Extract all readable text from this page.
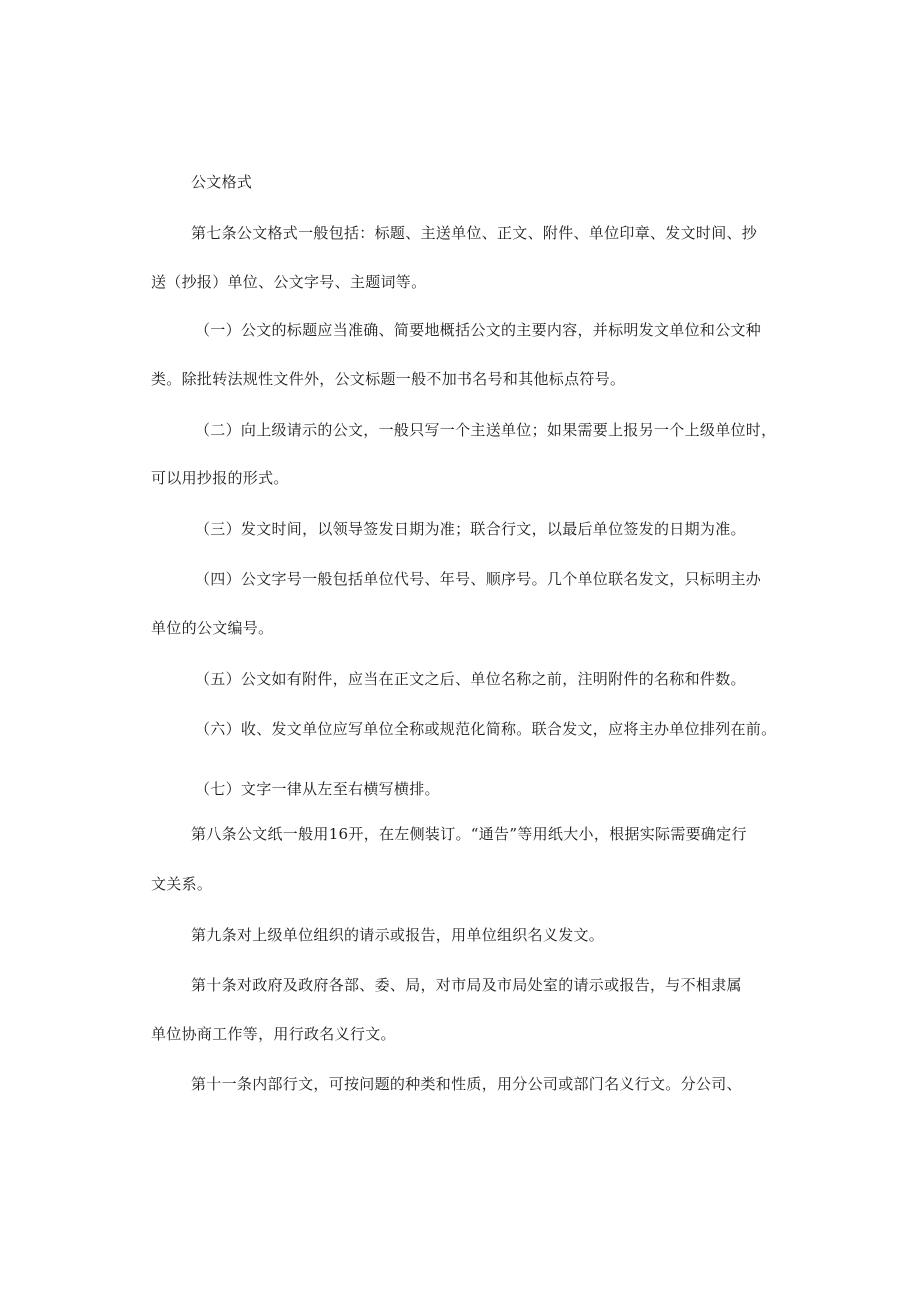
公文格式
第七条公文格式一般包括：标题、主送单位、正文、附件、单位印章、发文时间、抄
送（抄报）单位、公文字号、主题词等。
（一）公文的标题应当准确、简要地概括公文的主要内容，并标明发文单位和公文种
类。除批转法规性文件外，公文标题一般不加书名号和其他标点符号。
（二）向上级请示的公文，一般只写一个主送单位；如果需要上报另一个上级单位时，
可以用抄报的形式。
（三）发文时间，以领导签发日期为准；联合行文，以最后单位签发的日期为准。
（四）公文字号一般包括单位代号、年号、顺序号。几个单位联名发文，只标明主办
单位的公文编号。
（五）公文如有附件，应当在正文之后、单位名称之前，注明附件的名称和件数。
（六）收、发文单位应写单位全称或规范化简称。联合发文，应将主办单位排列在前。
（七）文字一律从左至右横写横排。
第八条公文纸一般用16开，在左侧装订。“通告”等用纸大小，根据实际需要确定行
文关系。
第九条对上级单位组织的请示或报告，用单位组织名义发文。
第十条对政府及政府各部、委、局，对市局及市局处室的请示或报告，与不相隶属
单位协商工作等，用行政名义行文。
第十一条内部行文，可按问题的种类和性质，用分公司或部门名义行文。分公司、
